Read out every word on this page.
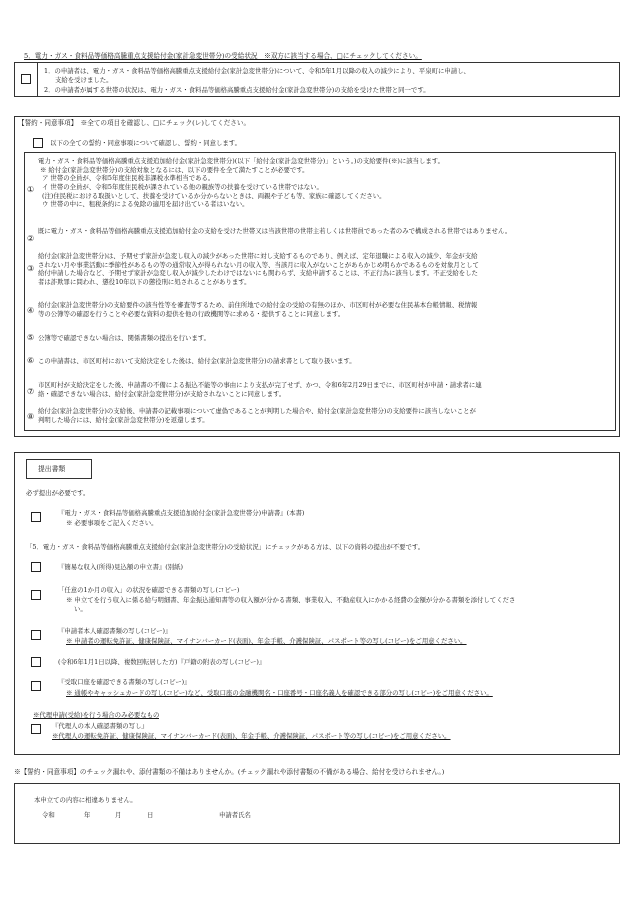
5．電力・ガス・食料品等価格高騰重点支援給付金(家計急変世帯分)の受給状況　※双方に該当する場合、□にチェックしてください。
1．の申請者は、電力・ガス・食料品等価格高騰重点支援給付金(家計急変世帯分)について、令和5年1月以降の収入の減少により、平泉町に申請し、
支給を受けました。
2．の申請者が属する世帯の状況は、電力・ガス・食料品等価格高騰重点支援給付金(家計急変世帯分)の支給を受けた世帯と同一です。
【誓約・同意事項】　※全ての項目を確認し、□にチェック(レ)してください。
以下の全ての誓約・同意事項について確認し、誓約・同意します。
①
電力・ガス・食料品等価格高騰重点支援追加給付金(家計急変世帯分)(以下「給付金(家計急変世帯分)」という。)の支給要件(※)に該当します。
※ 給付金(家計急変世帯分)の支給対象となるには、以下の要件を全て満たすことが必要です。
ア 世帯の全員が、令和5年度住民税非課税水準相当である。
イ 世帯の全員が、令和5年度住民税が課されている他の親族等の扶養を受けている世帯ではない。
(注)住民税における取扱いとして、扶養を受けているか分からないときは、両親や子ども等、家族に確認してください。
ウ 世帯の中に、租税条約による免除の適用を届け出ている者はいない。
②
既に電力・ガス・食料品等価格高騰重点支援追加給付金の支給を受けた世帯又は当該世帯の世帯主若しくは世帯員であった者のみで構成される世帯ではありません。
③
給付金(家計急変世帯分)は、予期せず家計が急変し収入の減少があった世帯に対し支給するものであり、例えば、定年退職による収入の減少、年金が支給
されない月や事業活動に季節性があるもの等の通常収入が得られない月の収入等、当該月に収入がないことがあらかじめ明らかであるものを対象月として
給付申請した場合など、予期せず家計が急変し収入が減少したわけではないにも関わらず、支給申請することは、不正行為に該当します。不正受給をした
者は詐欺罪に問われ、懲役10年以下の懲役刑に処されることがあります。
④
給付金(家計急変世帯分)の支給要件の該当性等を審査等するため、前住所地での給付金の受給の有無のほか、市区町村が必要な住民基本台帳情報、税情報
等の公簿等の確認を行うことや必要な資料の提供を他の行政機関等に求める・提供することに同意します。
⑤ 公簿等で確認できない場合は、関係書類の提出を行います。
⑥ この申請書は、市区町村において支給決定をした後は、給付金(家計急変世帯分)の請求書として取り扱います。
⑦
市区町村が支給決定をした後、申請書の不備による振込不能等の事由により支払が完了せず、かつ、令和6年2月29日までに、市区町村が申請・請求者に連
絡・確認できない場合は、給付金(家計急変世帯分)が支給されないことに同意します。
⑧
給付金(家計急変世帯分)の支給後、申請書の記載事項について虚偽であることが判明した場合や、給付金(家計急変世帯分)の支給要件に該当しないことが
判明した場合には、給付金(家計急変世帯分)を返還します。
提出書類
必ず提出が必要です。
『電力・ガス・食料品等価格高騰重点支援追加給付金(家計急変世帯分)申請書』(本書)
※ 必要事項をご記入ください。
「5．電力・ガス・食料品等価格高騰重点支援給付金(家計急変世帯分)の受給状況」にチェックがある方は、以下の資料の提出が不要です。
『簡易な収入(所得)見込額の申立書』(別紙)
「任意の1か月の収入」の状況を確認できる書類の写し(コピー)
※ 申立てを行う収入に係る給与明細書、年金振込通知書等の収入額が分かる書類、事業収入、不動産収入にかかる経費の金額が分かる書類を添付してくださ
い。
『申請者本人確認書類の写し(コピー)』
※ 申請者の運転免許証、健康保険証、マイナンバーカード(表面)、年金手帳、介護保険証、パスポート等の写し(コピー)をご用意ください。
(令和6年1月1日以降、複数回転居した方)『戸籍の附表の写し(コピー)』
『受取口座を確認できる書類の写し(コピー)』
※ 通帳やキャッシュカードの写し(コピー)など、受取口座の金融機関名・口座番号・口座名義人を確認できる部分の写し(コピー)をご用意ください。
※代理申請(受給)を行う場合のみ必要なもの
『代理人の本人確認書類の写し』
※代理人の運転免許証、健康保険証、マイナンバーカード(表面)、年金手帳、介護保険証、パスポート等の写し(コピー)をご用意ください。
※【誓約・同意事項】のチェック漏れや、添付書類の不備はありませんか。(チェック漏れや添付書類の不備がある場合、給付を受けられません。)
本申立ての内容に相違ありません。
令和	年	月	日	申請者氏名
